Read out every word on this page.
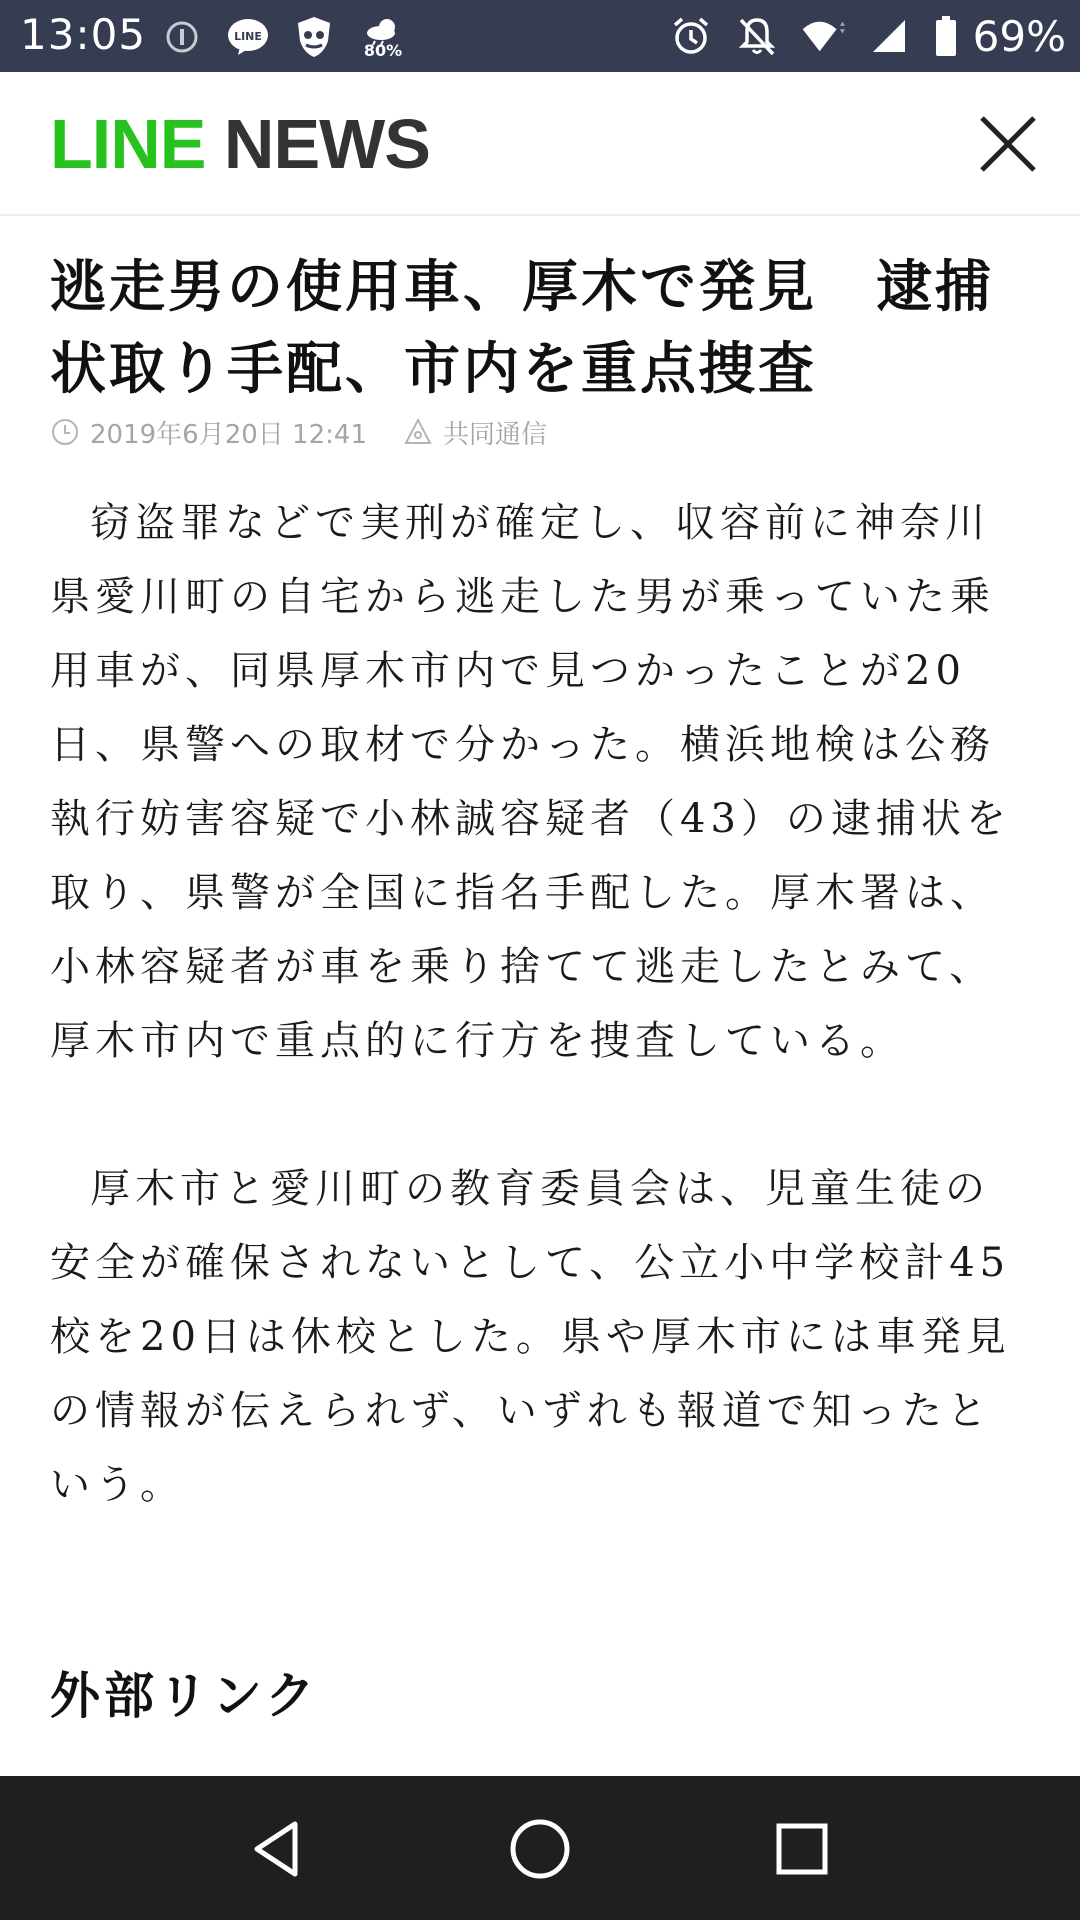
13:05	LINE
80%	69%
LINE NEWS
逃走男の使用車、厚木で発見　逮捕状取り手配、市内を重点捜査
2019年6月20日 12:41	共同通信

窃盗罪などで実刑が確定し、収容前に神奈川県愛川町の自宅から逃走した男が乗っていた乗用車が、同県厚木市内で見つかったことが20日、県警への取材で分かった。横浜地検は公務執行妨害容疑で小林誠容疑者（43）の逮捕状を取り、県警が全国に指名手配した。厚木署は、小林容疑者が車を乗り捨てて逃走したとみて、厚木市内で重点的に行方を捜査している。

厚木市と愛川町の教育委員会は、児童生徒の安全が確保されないとして、公立小中学校計45校を20日は休校とした。県や厚木市には車発見の情報が伝えられず、いずれも報道で知ったという。

外部リンク
